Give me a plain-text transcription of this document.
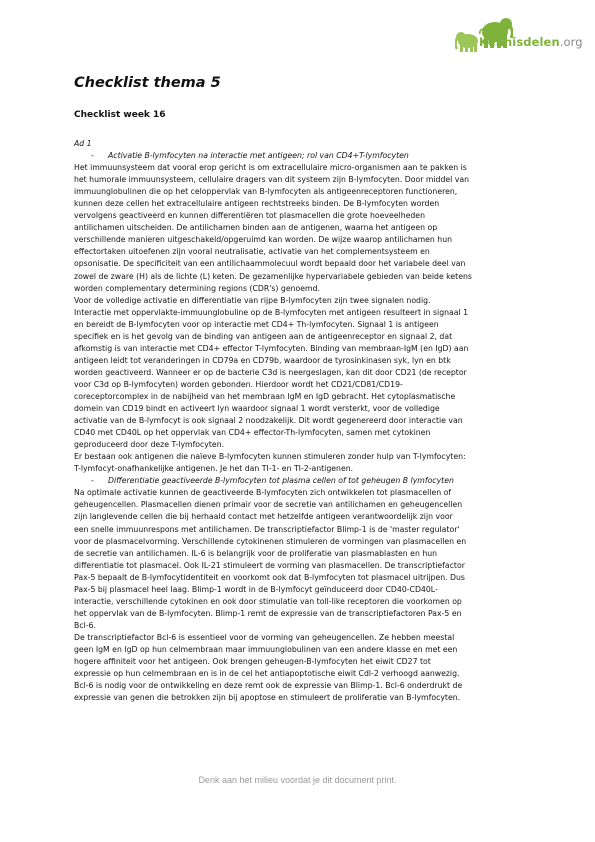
Kennisdelen.org
Checklist thema 5
Checklist week 16
Ad 1
- Activatie B-lymfocyten na interactie met antigeen; rol van CD4+T-lymfocyten
Het immuunsysteem dat vooral erop gericht is om extracellulaire micro-organismen aan te pakken is
het humorale immuunsysteem, cellulaire dragers van dit systeem zijn B-lymfocyten. Door middel van
immuunglobulinen die op het celoppervlak van B-lymfocyten als antigeenreceptoren functioneren,
kunnen deze cellen het extracellulaire antigeen rechtstreeks binden. De B-lymfocyten worden
vervolgens geactiveerd en kunnen differentiëren tot plasmacellen die grote hoeveelheden
antilichamen uitscheiden. De antilichamen binden aan de antigenen, waarna het antigeen op
verschillende manieren uitgeschakeld/opgeruimd kan worden. De wijze waarop antilichamen hun
effectortaken uitoefenen zijn vooral neutralisatie, activatie van het complementsysteem en
opsonisatie. De specificiteit van een antilichaammolecuul wordt bepaald door het variabele deel van
zowel de zware (H) als de lichte (L) keten. De gezamenlijke hypervariabele gebieden van beide ketens
worden complementary determining regions (CDR's) genoemd.
Voor de volledige activatie en differentiatie van rijpe B-lymfocyten zijn twee signalen nodig.
Interactie met oppervlakte-immuunglobuline op de B-lymfocyten met antigeen resulteert in signaal 1
en bereidt de B-lymfocyten voor op interactie met CD4+ Th-lymfocyten. Signaal 1 is antigeen
specifiek en is het gevolg van de binding van antigeen aan de antigeenreceptor en signaal 2, dat
afkomstig is van interactie met CD4+ effector T-lymfocyten. Binding van membraan-IgM (en IgD) aan
antigeen leidt tot veranderingen in CD79a en CD79b, waardoor de tyrosinkinasen syk, lyn en btk
worden geactiveerd. Wanneer er op de bacterie C3d is neergeslagen, kan dit door CD21 (de receptor
voor C3d op B-lymfocyten) worden gebonden. Hierdoor wordt het CD21/CD81/CD19-
coreceptorcomplex in de nabijheid van het membraan IgM en IgD gebracht. Het cytoplasmatische
domein van CD19 bindt en activeert lyn waardoor signaal 1 wordt versterkt, voor de volledige
activatie van de B-lymfocyt is ook signaal 2 noodzakelijk. Dit wordt gegenereerd door interactie van
CD40 met CD40L op het oppervlak van CD4+ effector-Th-lymfocyten, samen met cytokinen
geproduceerd door deze T-lymfocyten.
Er bestaan ook antigenen die naïeve B-lymfocyten kunnen stimuleren zonder hulp van T-lymfocyten:
T-lymfocyt-onafhankelijke antigenen. Je het dan TI-1- en TI-2-antigenen.
- Differentiatie geactiveerde B-lymfocyten tot plasma cellen of tot geheugen B lymfocyten
Na optimale activatie kunnen de geactiveerde B-lymfocyten zich ontwikkelen tot plasmacellen of
geheugencellen. Plasmacellen dienen primair voor de secretie van antilichamen en geheugencellen
zijn langlevende cellen die bij herhaald contact met hetzelfde antigeen verantwoordelijk zijn voor
een snelle immuunrespons met antilichamen. De transcriptiefactor Blimp-1 is de 'master regulator'
voor de plasmacelvorming. Verschillende cytokinenen stimuleren de vormingen van plasmacellen en
de secretie van antilichamen. IL-6 is belangrijk voor de proliferatie van plasmablasten en hun
differentiatie tot plasmacel. Ook IL-21 stimuleert de vorming van plasmacellen. De transcriptiefactor
Pax-5 bepaalt de B-lymfocytidentiteit en voorkomt ook dat B-lymfocyten tot plasmacel uitrijpen. Dus
Pax-5 bij plasmacel heel laag. Blimp-1 wordt in de B-lymfocyt geïnduceerd door CD40-CD40L-
interactie, verschillende cytokinen en ook door stimulatie van toll-like receptoren die voorkomen op
het oppervlak van de B-lymfocyten. Blimp-1 remt de expressie van de transcriptiefactoren Pax-5 en
Bcl-6.
De transcriptiefactor Bcl-6 is essentieel voor de vorming van geheugencellen. Ze hebben meestal
geen IgM en IgD op hun celmembraan maar immuunglobulinen van een andere klasse en met een
hogere affiniteit voor het antigeen. Ook brengen geheugen-B-lymfocyten het eiwit CD27 tot
expressie op hun celmembraan en is in de cel het antiapoptotische eiwit Cdl-2 verhoogd aanwezig.
Bcl-6 is nodig voor de ontwikkeling en deze remt ook de expressie van Blimp-1. Bcl-6 onderdrukt de
expressie van genen die betrokken zijn bij apoptose en stimuleert de proliferatie van B-lymfocyten.
Denk aan het milieu voordat je dit document print.
